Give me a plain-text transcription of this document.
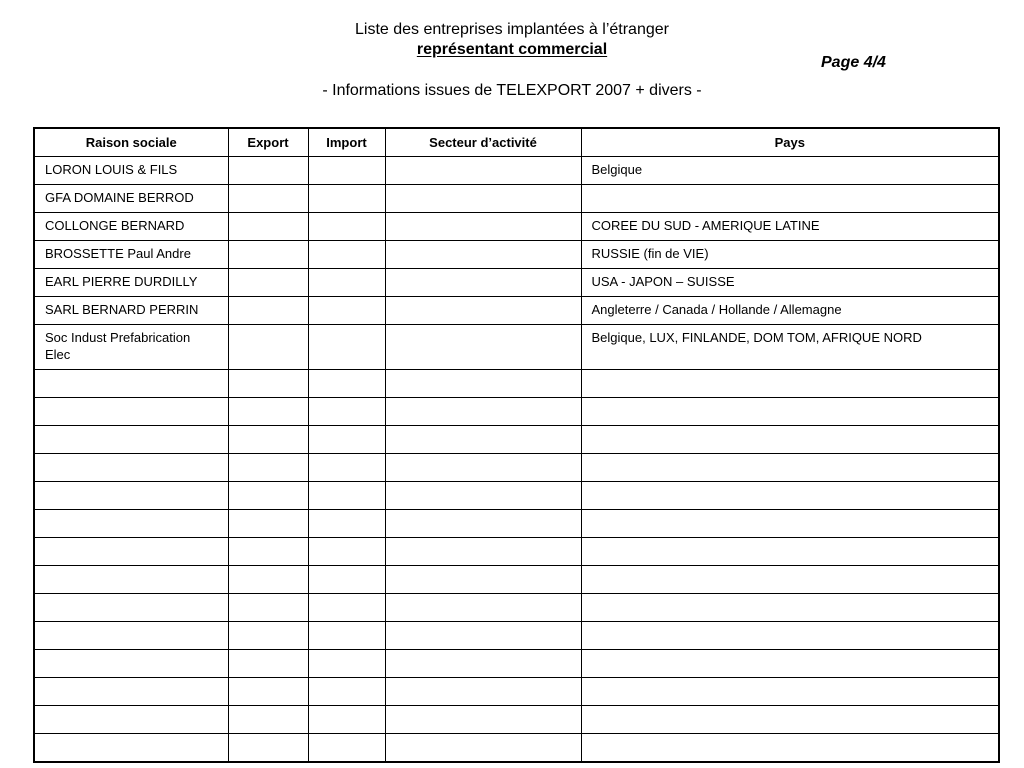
Liste des entreprises implantées à l’étranger
représentant commercial
Page 4/4
- Informations issues de TELEXPORT 2007 + divers -
Raison sociale	Export	Import	Secteur d’activité	Pays
LORON LOUIS & FILS				Belgique
GFA DOMAINE BERROD				
COLLONGE BERNARD				COREE DU SUD - AMERIQUE LATINE
BROSSETTE Paul Andre				RUSSIE (fin de VIE)
EARL PIERRE DURDILLY				USA - JAPON – SUISSE
SARL BERNARD PERRIN				Angleterre / Canada / Hollande / Allemagne
Soc Indust Prefabrication Elec				Belgique, LUX, FINLANDE, DOM TOM, AFRIQUE NORD
